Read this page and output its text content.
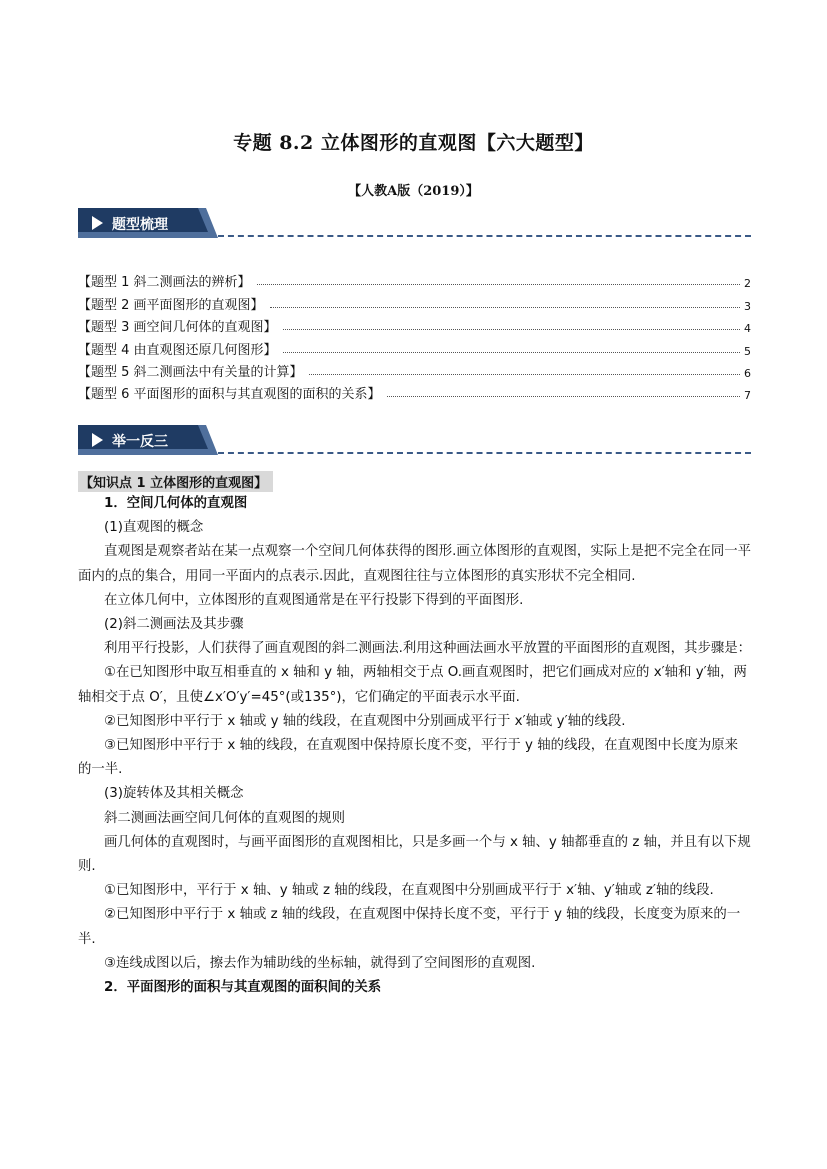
专题 8.2 立体图形的直观图【六大题型】
【人教A版（2019）】
题型梳理
【题型 1 斜二测画法的辨析】	2
【题型 2 画平面图形的直观图】	3
【题型 3 画空间几何体的直观图】	4
【题型 4 由直观图还原几何图形】	5
【题型 5 斜二测画法中有关量的计算】	6
【题型 6 平面图形的面积与其直观图的面积的关系】	7
举一反三
【知识点 1 立体图形的直观图】

1．空间几何体的直观图

(1)直观图的概念

直观图是观察者站在某一点观察一个空间几何体获得的图形.画立体图形的直观图，实际上是把不完全在同一平面内的点的集合，用同一平面内的点表示.因此，直观图往往与立体图形的真实形状不完全相同.

在立体几何中，立体图形的直观图通常是在平行投影下得到的平面图形.

(2)斜二测画法及其步骤

利用平行投影，人们获得了画直观图的斜二测画法.利用这种画法画水平放置的平面图形的直观图，其步骤是：

①在已知图形中取互相垂直的 x 轴和 y 轴，两轴相交于点 O.画直观图时，把它们画成对应的 x′轴和 y′轴，两轴相交于点 O′，且使∠x′O′y′=45°(或135°)，它们确定的平面表示水平面.

②已知图形中平行于 x 轴或 y 轴的线段，在直观图中分别画成平行于 x′轴或 y′轴的线段.

③已知图形中平行于 x 轴的线段，在直观图中保持原长度不变，平行于 y 轴的线段，在直观图中长度为原来的一半.

(3)旋转体及其相关概念

斜二测画法画空间几何体的直观图的规则

画几何体的直观图时，与画平面图形的直观图相比，只是多画一个与 x 轴、y 轴都垂直的 z 轴，并且有以下规则.

①已知图形中，平行于 x 轴、y 轴或 z 轴的线段，在直观图中分别画成平行于 x′轴、y′轴或 z′轴的线段.

②已知图形中平行于 x 轴或 z 轴的线段，在直观图中保持长度不变，平行于 y 轴的线段，长度变为原来的一半.

③连线成图以后，擦去作为辅助线的坐标轴，就得到了空间图形的直观图.

2．平面图形的面积与其直观图的面积间的关系
